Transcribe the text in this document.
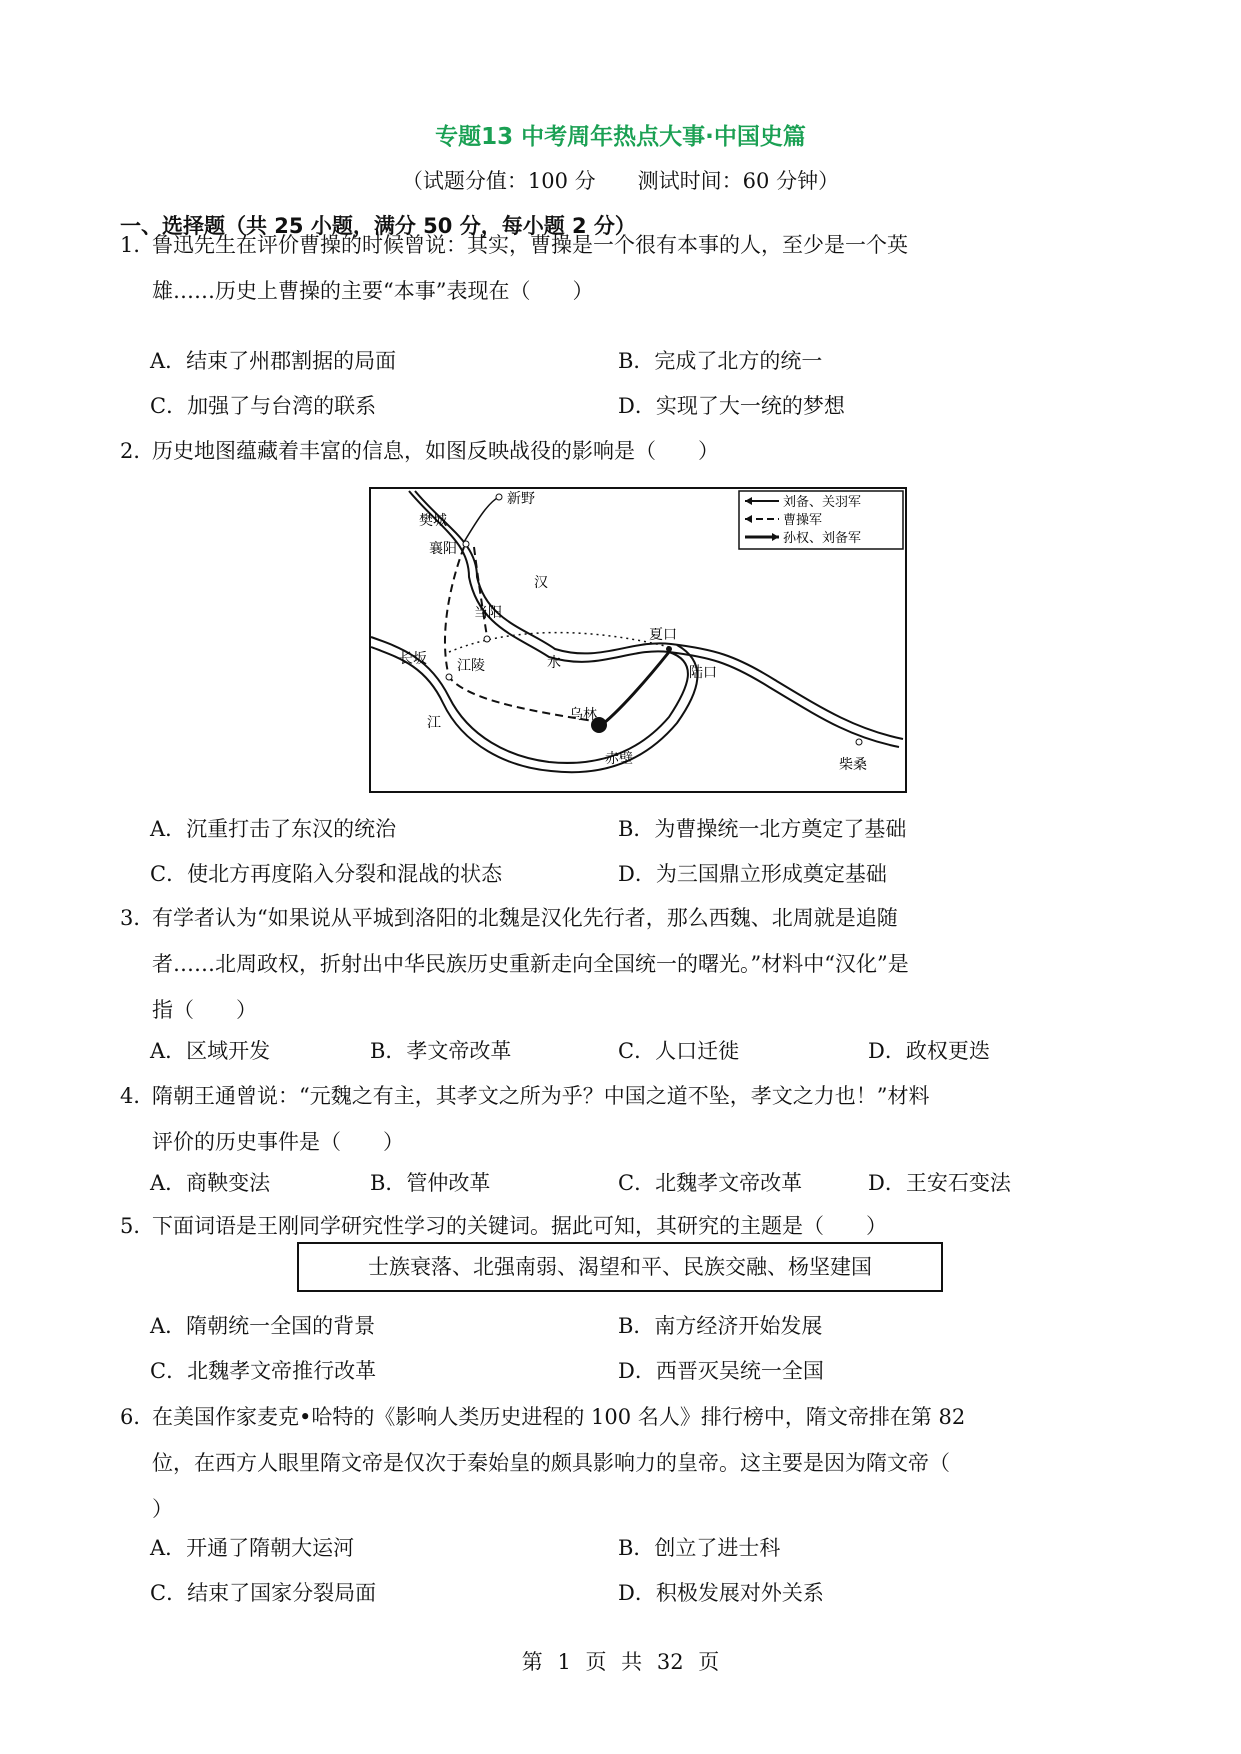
专题13 中考周年热点大事·中国史篇
（试题分值：100 分　　测试时间：60 分钟）
一、选择题（共 25 小题，满分 50 分，每小题 2 分）
1．
鲁迅先生在评价曹操的时候曾说：其实，曹操是一个很有本事的人，至少是一个英
雄……历史上曹操的主要“本事”表现在（　　）
A．结束了州郡割据的局面	B．完成了北方的统一
C．加强了与台湾的联系	D．实现了大一统的梦想
2．
历史地图蕴藏着丰富的信息，如图反映战役的影响是（　　）
刘备、关羽军
曹操军
孙权、刘备军
新野
樊城
襄阳
汉
当阳
长坂 江陵	水
夏口
乌林
赤壁
江
陆口
柴桑
A．沉重打击了东汉的统治	B．为曹操统一北方奠定了基础
C．使北方再度陷入分裂和混战的状态	D．为三国鼎立形成奠定基础
3．
有学者认为“如果说从平城到洛阳的北魏是汉化先行者，那么西魏、北周就是追随
者……北周政权，折射出中华民族历史重新走向全国统一的曙光。”材料中“汉化”是
指（　　）
A．区域开发	B．孝文帝改革	C．人口迁徙	D．政权更迭
4．
隋朝王通曾说：“元魏之有主，其孝文之所为乎？中国之道不坠，孝文之力也！”材料
评价的历史事件是（　　）
A．商鞅变法	B．管仲改革	C．北魏孝文帝改革	D．王安石变法
5．
下面词语是王刚同学研究性学习的关键词。据此可知，其研究的主题是（　　）
士族衰落、北强南弱、渴望和平、民族交融、杨坚建国
A．隋朝统一全国的背景	B．南方经济开始发展
C．北魏孝文帝推行改革	D．西晋灭吴统一全国
6．
在美国作家麦克•哈特的《影响人类历史进程的 100 名人》排行榜中，隋文帝排在第 82
位，在西方人眼里隋文帝是仅次于秦始皇的颇具影响力的皇帝。这主要是因为隋文帝（
）
A．开通了隋朝大运河	B．创立了进士科
C．结束了国家分裂局面	D．积极发展对外关系
第 1 页 共 32 页
